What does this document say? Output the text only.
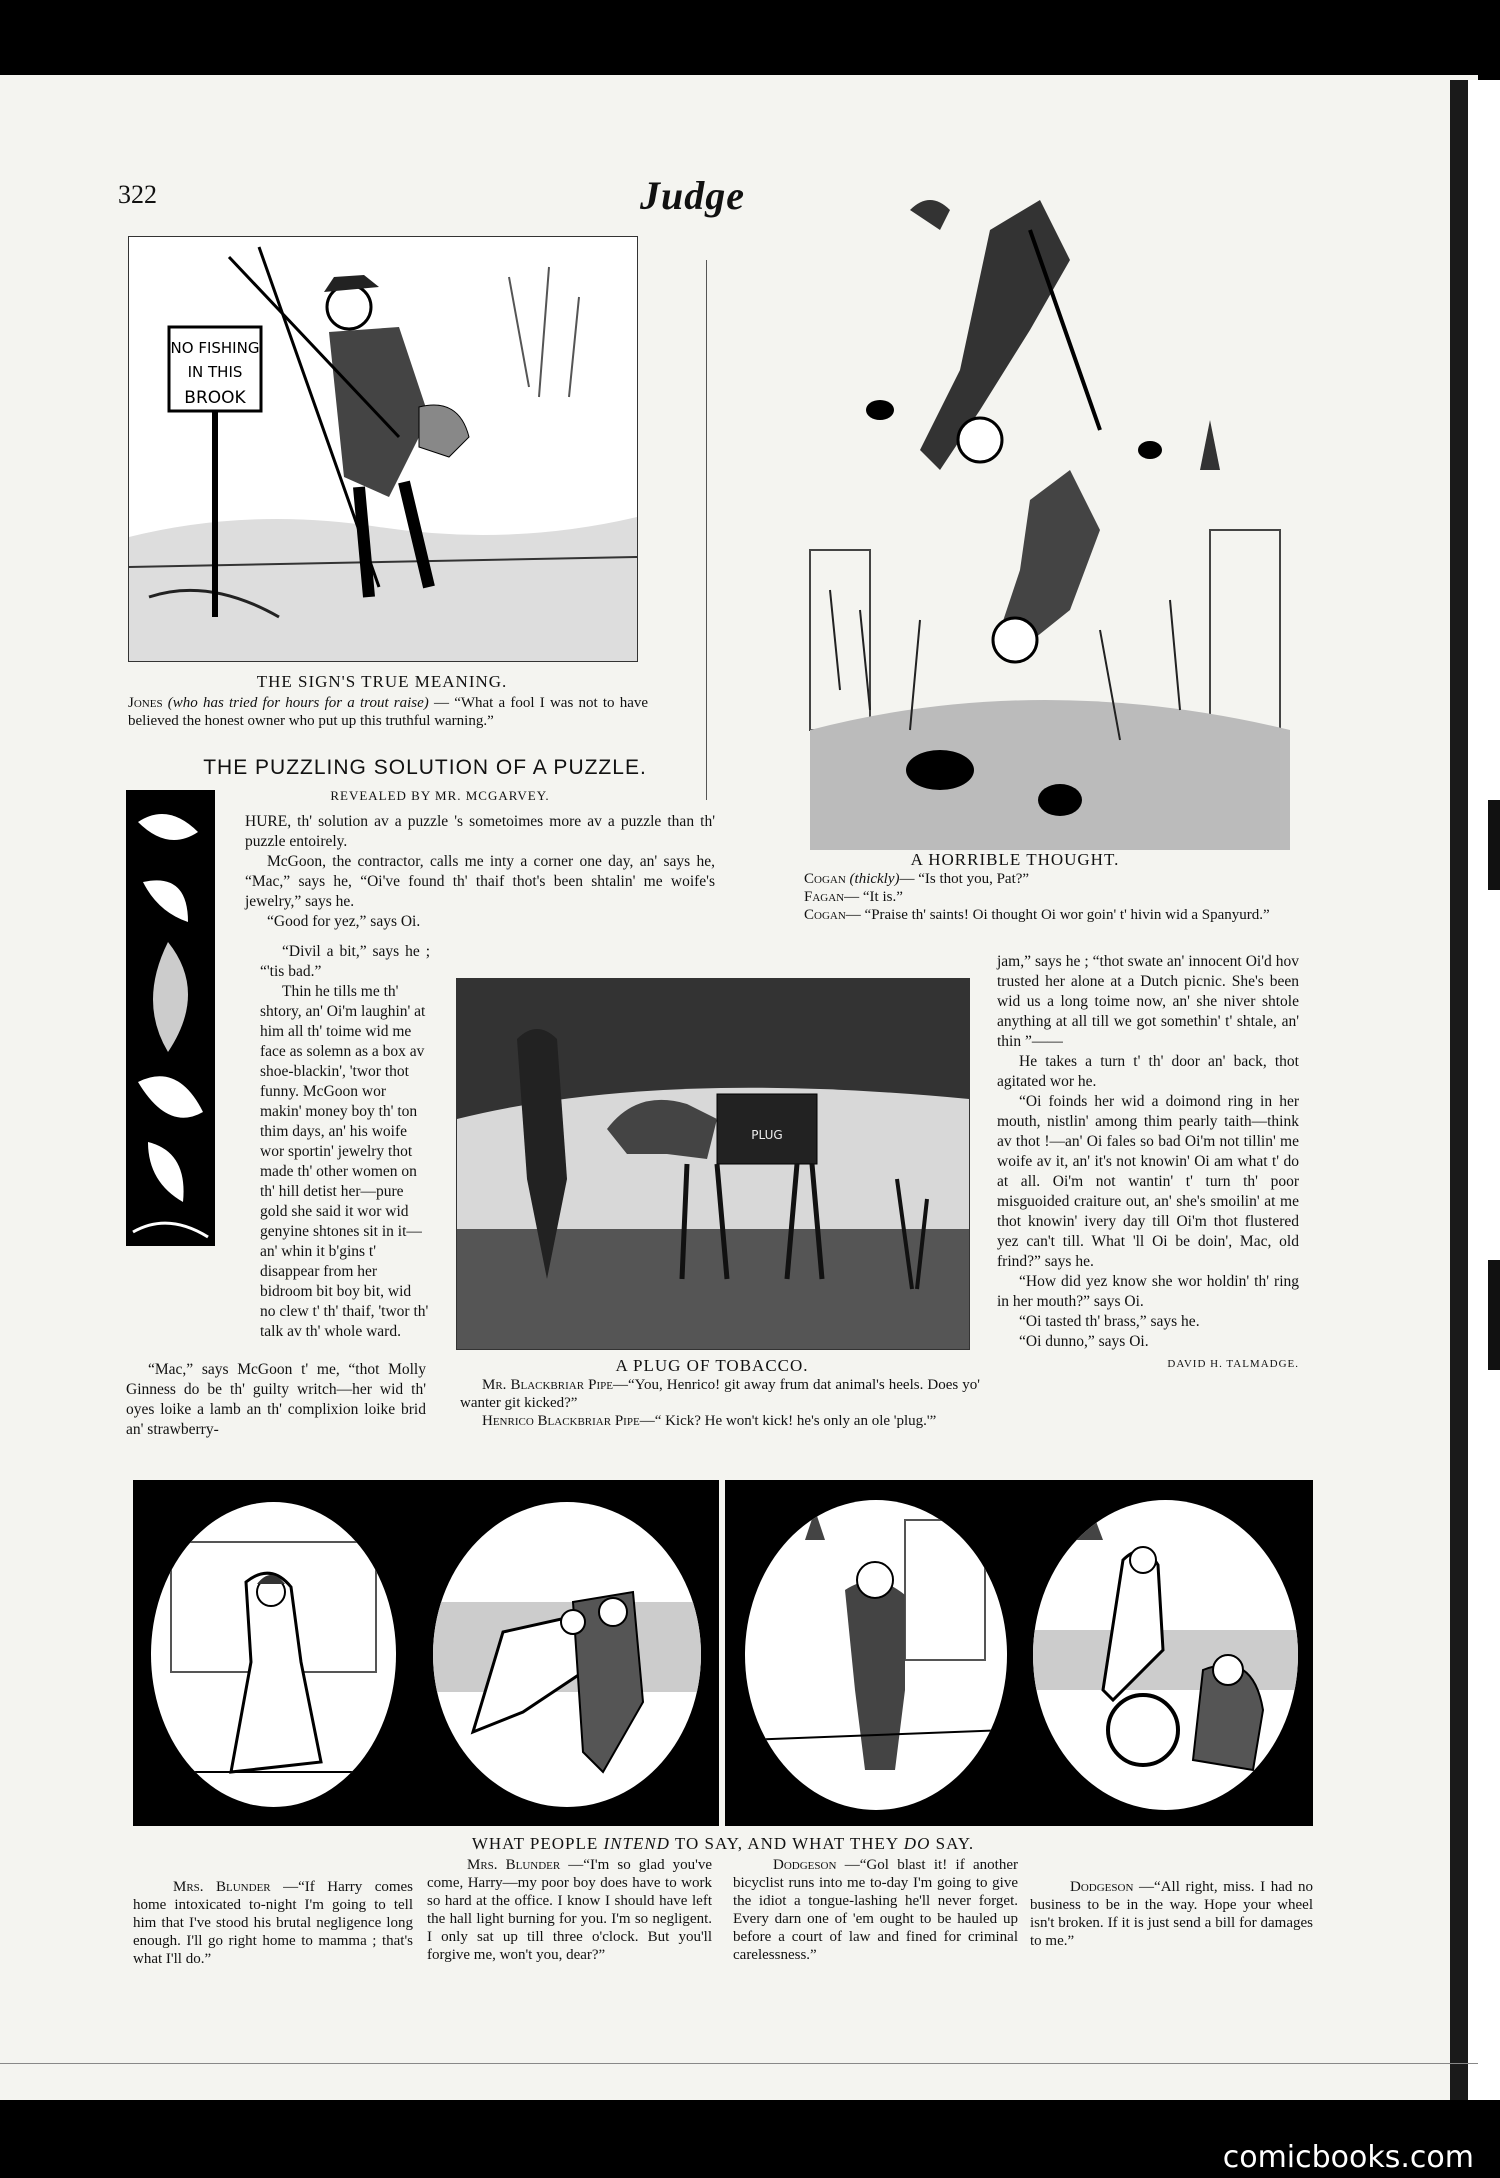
322	Judge
NO FISHING
IN THIS
BROOK
THE SIGN'S TRUE MEANING.
Jones (who has tried for hours for a trout raise) — “What a fool I was not to have believed the honest owner who put up this truthful warning.”
A HORRIBLE THOUGHT.
Cogan (thickly)— “Is thot you, Pat?”
Fagan— “It is.”
Cogan— “Praise th' saints! Oi thought Oi wor goin' t' hivin wid a Spanyurd.”
THE PUZZLING SOLUTION OF A PUZZLE.
REVEALED BY MR. MCGARVEY.

HURE, th' solution av a puzzle 's sometoimes more av a puzzle than th' puzzle entoirely.

McGoon, the contractor, calls me inty a corner one day, an' says he, “Mac,” says he, “Oi've found th' thaif thot's been shtalin' me woife's jewelry,” says he.

“Good for yez,” says Oi.

“Divil a bit,” says he ; “'tis bad.”

Thin he tills me th' shtory, an' Oi'm laughin' at him all th' toime wid me face as solemn as a box av shoe-blackin', 'twor thot funny. McGoon wor makin' money boy th' ton thim days, an' his woife wor sportin' jewelry thot made th' other women on th' hill detist her—pure gold she said it wor wid genyine shtones sit in it—an' whin it b'gins t' disappear from her bidroom bit boy bit, wid no clew t' th' thaif, 'twor th' talk av th' whole ward.

“Mac,” says McGoon t' me, “thot Molly Ginness do be th' guilty writch—her wid th' oyes loike a lamb an th' complixion loike brid an' strawberry-

PLUG
A PLUG OF TOBACCO.
Mr. Blackbriar Pipe—“You, Henrico! git away frum dat animal's heels. Does yo' wanter git kicked?”
Henrico Blackbriar Pipe—“ Kick? He won't kick! he's only an ole 'plug.'”

jam,” says he ; “thot swate an' innocent Oi'd hov trusted her alone at a Dutch picnic. She's been wid us a long toime now, an' she niver shtole anything at all till we got somethin' t' shtale, an' thin ”——

He takes a turn t' th' door an' back, thot agitated wor he.

“Oi foinds her wid a doimond ring in her mouth, nistlin' among thim pearly taith—think av thot !—an' Oi fales so bad Oi'm not tillin' me woife av it, an' it's not knowin' Oi am what t' do at all. Oi'm not wantin' t' turn th' poor misguoided craiture out, an' she's smoilin' at me thot knowin' ivery day till Oi'm thot flustered yez can't till. What 'll Oi be doin', Mac, old frind?” says he.

“How did yez know she wor holdin' th' ring in her mouth?” says Oi.

“Oi tasted th' brass,” says he.

“Oi dunno,” says Oi.

DAVID H. TALMADGE.
WHAT PEOPLE INTEND TO SAY, AND WHAT THEY DO SAY.
Mrs. Blunder —“If Harry comes home intoxicated to-night I'm going to tell him that I've stood his brutal negligence long enough. I'll go right home to mamma ; that's what I'll do.”
Mrs. Blunder —“I'm so glad you've come, Harry—my poor boy does have to work so hard at the office. I know I should have left the hall light burning for you. I'm so negligent. I only sat up till three o'clock. But you'll forgive me, won't you, dear?”
Dodgeson —“Gol blast it! if another bicyclist runs into me to-day I'm going to give the idiot a tongue-lashing he'll never forget. Every darn one of 'em ought to be hauled up before a court of law and fined for criminal carelessness.”
Dodgeson —“All right, miss. I had no business to be in the way. Hope your wheel isn't broken. If it is just send a bill for damages to me.”
comicbooks.com
